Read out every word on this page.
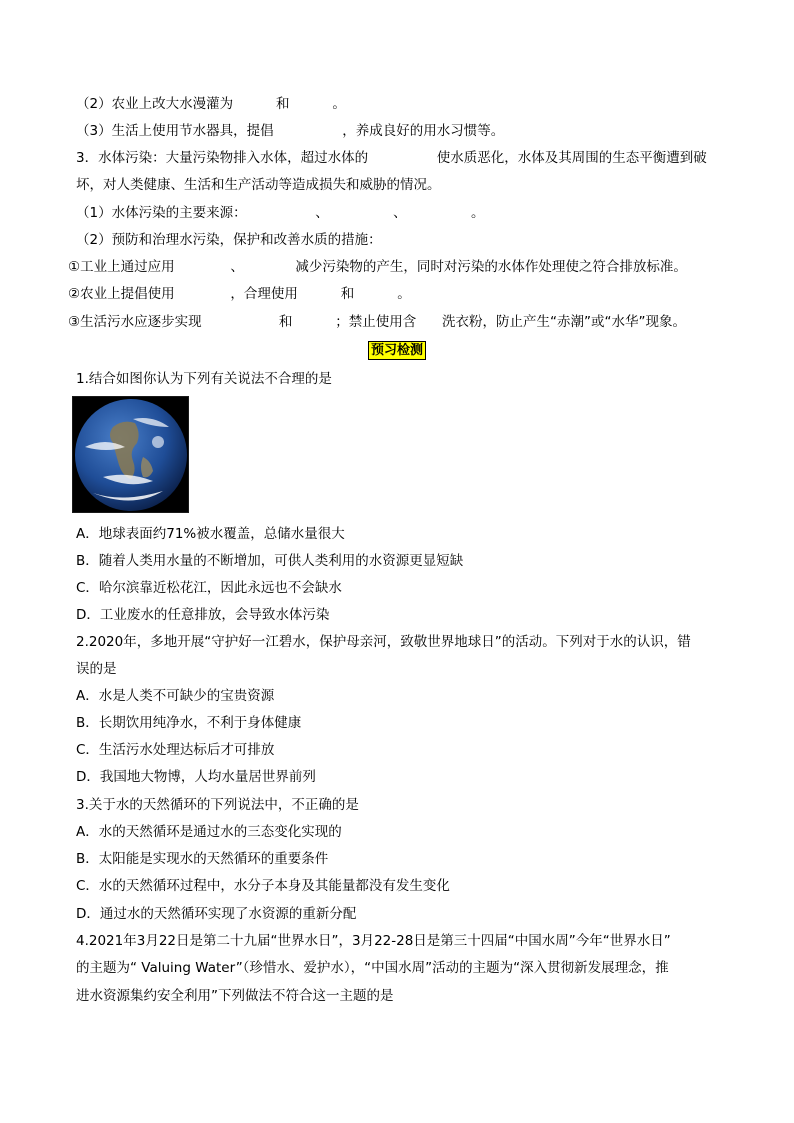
（2）农业上改大水漫灌为          和          。
（3）生活上使用节水器具，提倡                ，养成良好的用水习惯等。
3．水体污染：大量污染物排入水体，超过水体的                使水质恶化，水体及其周围的生态平衡遭到破
坏，对人类健康、生活和生产活动等造成损失和威胁的情况。
（1）水体污染的主要来源：                、               、               。
（2）预防和治理水污染，保护和改善水质的措施：
①工业上通过应用             、            减少污染物的产生，同时对污染的水体作处理使之符合排放标准。
②农业上提倡使用             ，合理使用          和          。
③生活污水应逐步实现                  和          ；禁止使用含      洗衣粉，防止产生“赤潮”或“水华”现象。
预习检测
1.结合如图你认为下列有关说法不合理的是
A．地球表面约71%被水覆盖，总储水量很大
B．随着人类用水量的不断增加，可供人类利用的水资源更显短缺
C．哈尔滨靠近松花江，因此永远也不会缺水
D．工业废水的任意排放，会导致水体污染
2.2020年，多地开展“守护好一江碧水，保护母亲河，致敬世界地球日”的活动。下列对于水的认识，错
误的是
A．水是人类不可缺少的宝贵资源
B．长期饮用纯净水，不利于身体健康
C．生活污水处理达标后才可排放
D．我国地大物博，人均水量居世界前列
3.关于水的天然循环的下列说法中，不正确的是
A．水的天然循环是通过水的三态变化实现的
B．太阳能是实现水的天然循环的重要条件
C．水的天然循环过程中，水分子本身及其能量都没有发生变化
D．通过水的天然循环实现了水资源的重新分配
4.2021年3月22日是第二十九届“世界水日”，3月22-28日是第三十四届“中国水周”今年“世界水日”
的主题为“ Valuing Water”（珍惜水、爱护水），“中国水周”活动的主题为“深入贯彻新发展理念，推
进水资源集约安全利用”下列做法不符合这一主题的是
